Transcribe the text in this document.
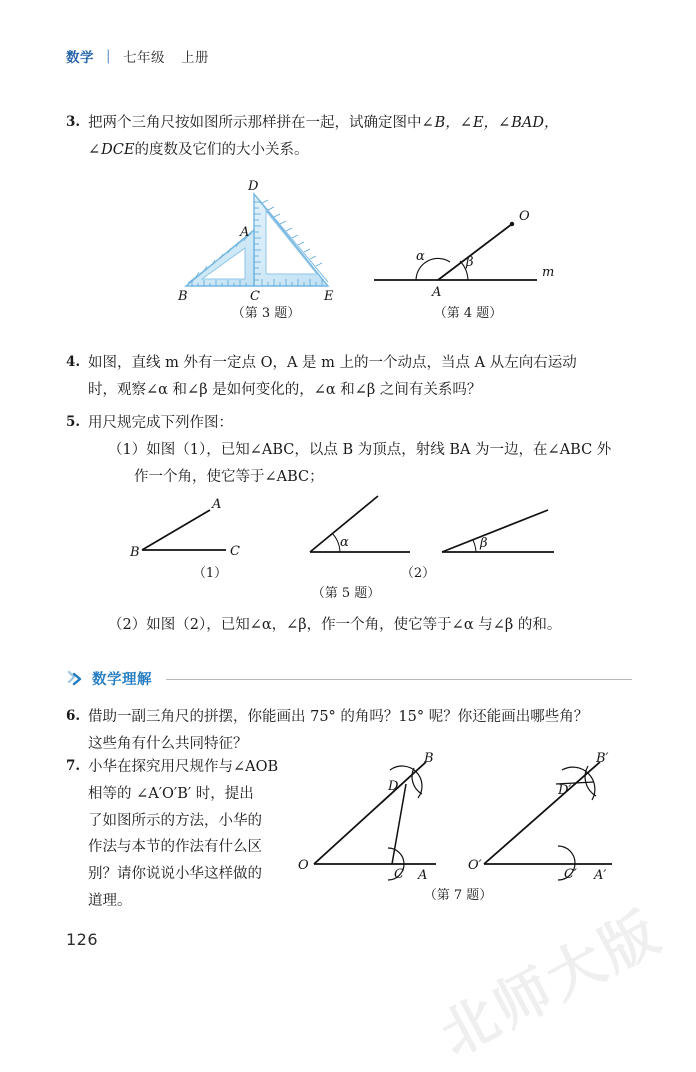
数学 | 七年级 上册
3. 把两个三角尺按如图所示那样拼在一起，试确定图中 ∠ B， ∠ E， ∠ BAD，

∠ DCE的度数及它们的大小关系。

D
A
B	C	E
（第 3 题）
O
A
m
α	β
（第 4 题）
4. 如图，直线 m 外有一定点 O，A 是 m 上的一个动点，当点 A 从左向右运动

时，观察∠α 和∠β 是如何变化的，∠α 和∠β 之间有关系吗？

5. 用尺规完成下列作图：

（1）如图（1），已知∠ABC，以点 B 为顶点，射线 BA 为一边，在∠ABC 外

作一个角，使它等于∠ABC；

A
B	C
（1）
α	β
（2）
（第 5 题）

（2）如图（2），已知∠α，∠β，作一个角，使它等于∠α 与∠β 的和。

数学理解
6. 借助一副三角尺的拼摆，你能画出 75° 的角吗？15° 呢？你还能画出哪些角？

这些角有什么共同特征？

7. 小华在探究用尺规作与∠AOB

相等的 ∠A′O′B′ 时，提出

了如图所示的方法，小华的

作法与本节的作法有什么区

别？请你说说小华这样做的

道理。

O
A
B
C
D
O′
A′
B′
C′
D′
（第 7 题）
126	北师大版
